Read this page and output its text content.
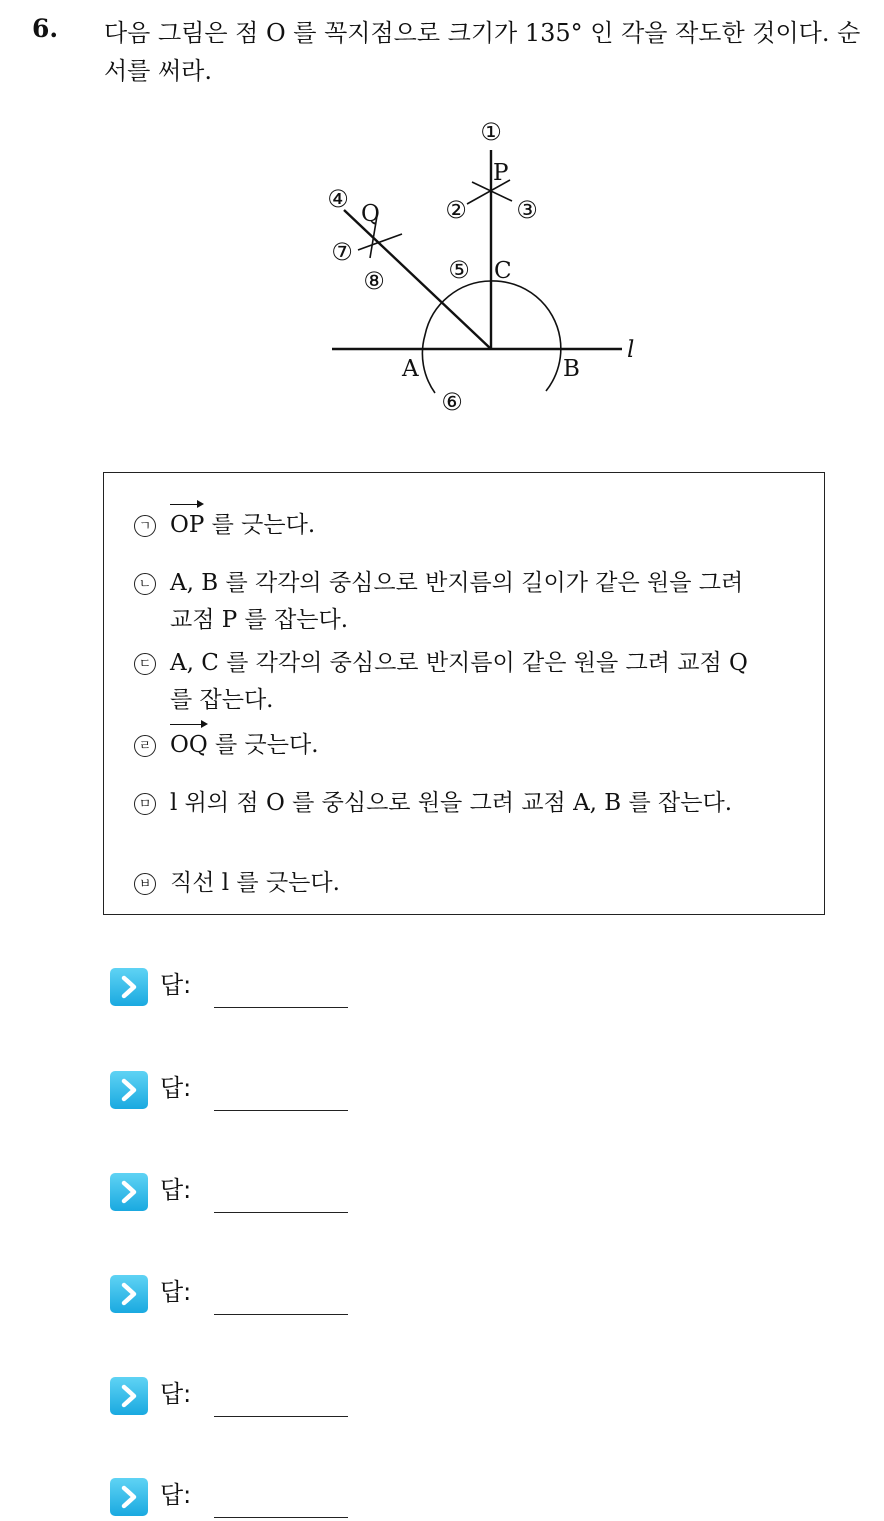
6. 다음 그림은 점 O 를 꼭지점으로 크기가 135° 인 각을 작도한 것이다. 순서를 써라.
P
Q
C
A	B
l
①
② ③
④
⑤
⑥
⑦
⑧
ㄱ OP 를 긋는다.
ㄴ A, B 를 각각의 중심으로 반지름의 길이가 같은 원을 그려 교점 P 를 잡는다.
ㄷ A, C 를 각각의 중심으로 반지름이 같은 원을 그려 교점 Q 를 잡는다.
ㄹ OQ 를 긋는다.
ㅁ l 위의 점 O 를 중심으로 원을 그려 교점 A, B 를 잡는다.
ㅂ 직선 l 를 긋는다.
답:
답:
답:
답:
답:
답:
